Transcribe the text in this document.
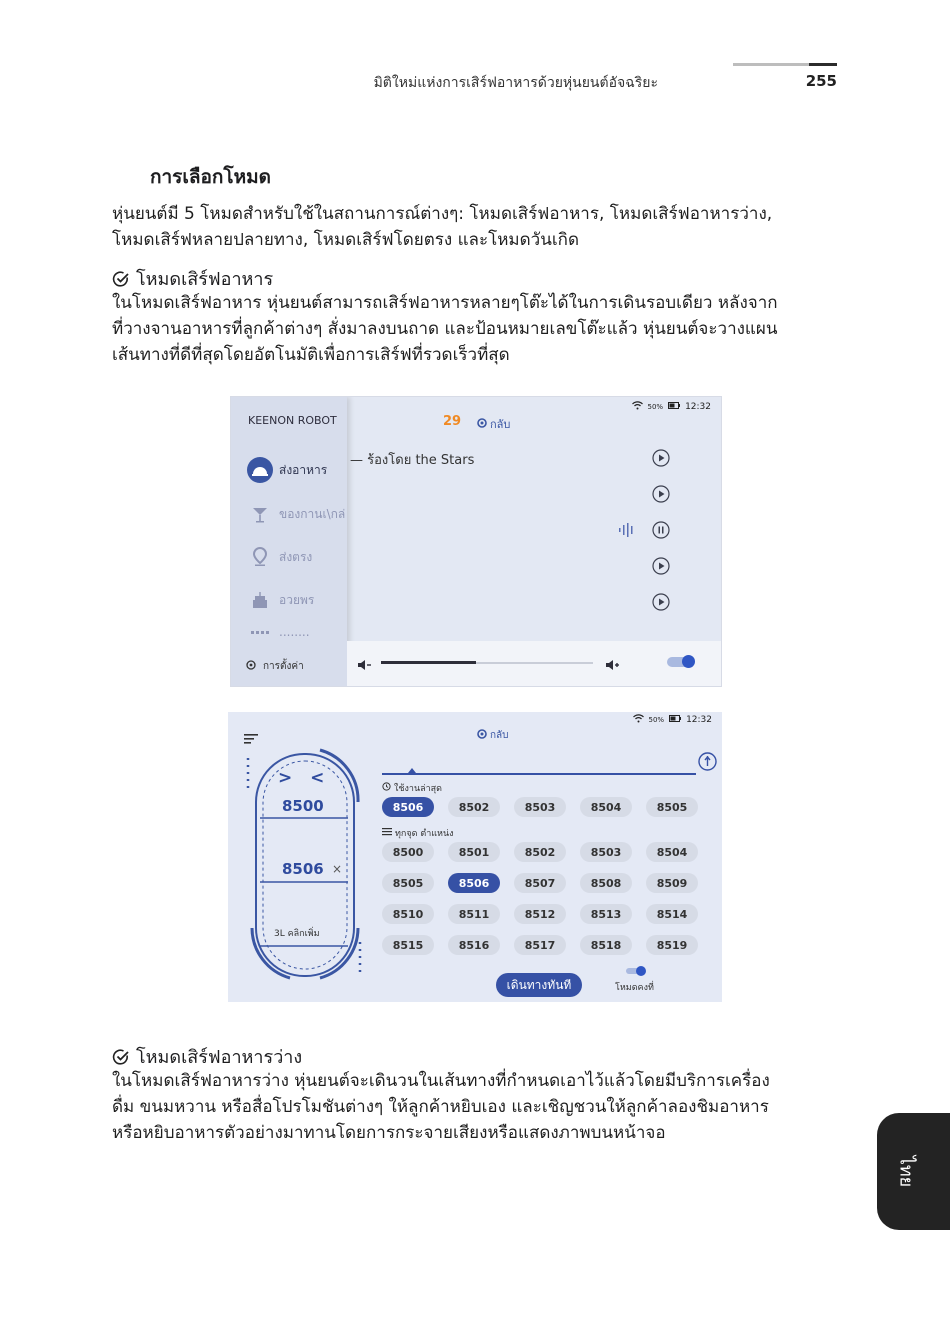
มิติใหม่แห่งการเสิร์ฟอาหารด้วยหุ่นยนต์อัจฉริยะ	255
การเลือกโหมด
หุ่นยนต์มี 5 โหมดสำหรับใช้ในสถานการณ์ต่างๆ: โหมดเสิร์ฟอาหาร, โหมดเสิร์ฟอาหารว่าง,
โหมดเสิร์ฟหลายปลายทาง, โหมดเสิร์ฟโดยตรง และโหมดวันเกิด
โหมดเสิร์ฟอาหาร
ในโหมดเสิร์ฟอาหาร หุ่นยนต์สามารถเสิร์ฟอาหารหลายๆโต๊ะได้ในการเดินรอบเดียว หลังจาก
ที่วางจานอาหารที่ลูกค้าต่างๆ สั่งมาลงบนถาด และป้อนหมายเลขโต๊ะแล้ว หุ่นยนต์จะวางแผน
เส้นทางที่ดีที่สุดโดยอัตโนมัติเพื่อการเสิร์ฟที่รวดเร็วที่สุด
KEENON ROBOT
ส่งอาหาร
ของกานเ\กล่
ส่งตรง
อวยพร
........
การตั้งค่า
50% 12:32
29	กลับ
— ร้องโดย the Stars
50% 12:32
กลับ
> <
8500
8506 ×
3L คลิกเพิ่ม
ใช้งานล่าสุด
8506	8502	8503	8504	8505
ทุกจุด ตำแหน่ง
8500	8501	8502	8503	8504
8505	8506	8507	8508	8509
8510	8511	8512	8513	8514
8515	8516	8517	8518	8519
เดินทางทันที	โหมดคงที่
โหมดเสิร์ฟอาหารว่าง
ในโหมดเสิร์ฟอาหารว่าง หุ่นยนต์จะเดินวนในเส้นทางที่กำหนดเอาไว้แล้วโดยมีบริการเครื่อง
ดื่ม ขนมหวาน หรือสื่อโปรโมชันต่างๆ ให้ลูกค้าหยิบเอง และเชิญชวนให้ลูกค้าลองชิมอาหาร
หรือหยิบอาหารตัวอย่างมาทานโดยการกระจายเสียงหรือแสดงภาพบนหน้าจอ
ไทย
